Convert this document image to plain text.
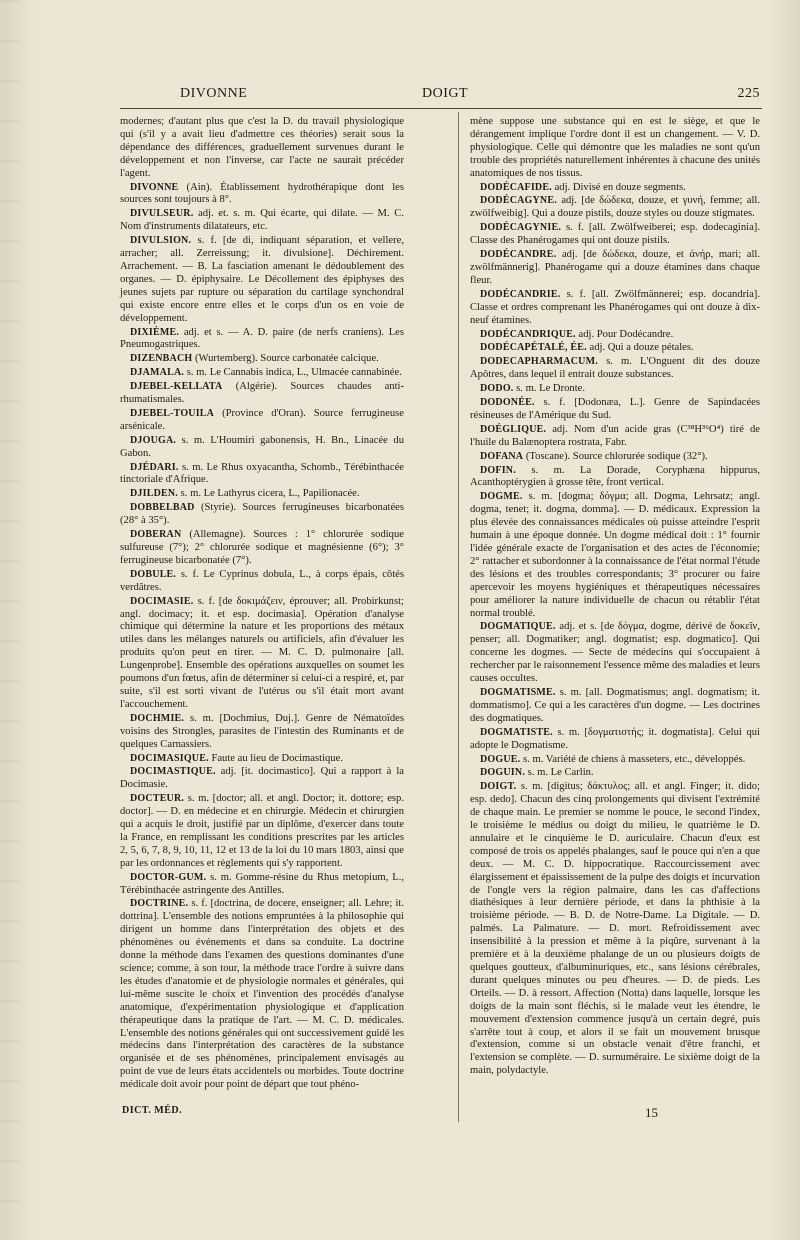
DIVONNE	DOIGT	225

modernes; d'autant plus que c'est la D. du travail physiologique qui (s'il y a avait lieu d'admettre ces théories) serait sous la dépendance des différences, graduellement survenues durant le développement et non l'inverse, car l'acte ne saurait précéder l'agent.

DIVONNE (Ain). Établissement hydrothérapique dont les sources sont toujours à 8°.

DIVULSEUR. adj. et. s. m. Qui écarte, qui dilate. — M. C. Nom d'instruments dilatateurs, etc.

DIVULSION. s. f. [de di, indiquant séparation, et vellere, arracher; all. Zerreissung; it. divulsione]. Déchirement. Arrachement. — B. La fasciation amenant le dédoublement des organes. — D. épiphysaire. Le Décollement des épiphyses des jeunes sujets par rupture ou séparation du cartilage synchondral qui existe encore entre elles et le corps d'un os en voie de développement.

DIXIÈME. adj. et s. — A. D. paire (de nerfs craniens). Les Pneumogastriques.

DIZENBACH (Wurtemberg). Source carbonatée calcique.

DJAMALA. s. m. Le Cannabis indica, L., Ulmacée cannabinée.

DJEBEL-KELLATA (Algérie). Sources chaudes anti-rhumatismales.

DJEBEL-TOUILA (Province d'Oran). Source ferrugineuse arsénicale.

DJOUGA. s. m. L'Houmiri gabonensis, H. Bn., Linacée du Gabon.

DJÉDARI. s. m. Le Rhus oxyacantha, Schomb., Térébinthacée tinctoriale d'Afrique.

DJILDEN. s. m. Le Lathyrus cicera, L., Papilionacée.

DOBBELBAD (Styrie). Sources ferrugineuses bicarbonatées (28° à 35°).

DOBERAN (Allemagne). Sources : 1° chlorurée sodique sulfureuse (7°); 2° chlorurée sodique et magnésienne (6°); 3° ferrugineuse bicarbonatée (7°).

DOBULE. s. f. Le Cyprinus dobula, L., à corps épais, côtés verdâtres.

DOCIMASIE. s. f. [de δοκιμάζειν, éprouver; all. Probirkunst; angl. docimacy; it. et esp. docimasia]. Opération d'analyse chimique qui détermine la nature et les proportions des métaux utiles dans les mélanges naturels ou artificiels, afin d'évaluer les produits qu'on peut en tirer. — M. C. D. pulmonaire [all. Lungenprobe]. Ensemble des opérations auxquelles on soumet les poumons d'un fœtus, afin de déterminer si celui-ci a respiré, et, par suite, s'il est sorti vivant de l'utérus ou s'il était mort avant l'accouchement.

DOCHMIE. s. m. [Dochmius, Duj.]. Genre de Nématoïdes voisins des Strongles, parasites de l'intestin des Ruminants et de quelques Carnassiers.

DOCIMASIQUE. Faute au lieu de Docimastique.

DOCIMASTIQUE. adj. [it. docimastico]. Qui a rapport à la Docimasie.

DOCTEUR. s. m. [doctor; all. et angl. Doctor; it. dottore; esp. doctor]. — D. en médecine et en chirurgie. Médecin et chirurgien qui a acquis le droit, justifié par un diplôme, d'exercer dans toute la France, en remplissant les conditions prescrites par les articles 2, 5, 6, 7, 8, 9, 10, 11, 12 et 13 de la loi du 10 mars 1803, ainsi que par les ordonnances et règlements qui s'y rapportent.

DOCTOR-GUM. s. m. Gomme-résine du Rhus metopium, L., Térébinthacée astringente des Antilles.

DOCTRINE. s. f. [doctrina, de docere, enseigner; all. Lehre; it. dottrina]. L'ensemble des notions empruntées à la philosophie qui dirigent un homme dans l'interprétation des objets et des phénomènes ou événements et dans sa conduite. La doctrine donne la méthode dans l'examen des questions dominantes d'une science; comme, à son tour, la méthode trace l'ordre à suivre dans les études d'anatomie et de physiologie normales et générales, qui lui-même suscite le choix et l'invention des procédés d'analyse anatomique, d'expérimentation physiologique et d'application thérapeutique dans la pratique de l'art. — M. C. D. médicales. L'ensemble des notions générales qui ont successivement guidé les médecins dans l'interprétation des caractères de la substance organisée et de ses phénomènes, principalement envisagés au point de vue de leurs états accidentels ou morbides. Toute doctrine médicale doit avoir pour point de départ que tout phéno-

mène suppose une substance qui en est le siège, et que le dérangement implique l'ordre dont il est un changement. — V. D. physiologique. Celle qui démontre que les maladies ne sont qu'un trouble des propriétés naturellement inhérentes à chacune des unités anatomiques de nos tissus.

DODÉCAFIDE. adj. Divisé en douze segments.

DODÉCAGYNE. adj. [de δώδεκα, douze, et γυνή, femme; all. zwölfweibig]. Qui a douze pistils, douze styles ou douze stigmates.

DODÉCAGYNIE. s. f. [all. Zwölfweiberei; esp. dodecaginia]. Classe des Phanérogames qui ont douze pistils.

DODÉCANDRE. adj. [de δώδεκα, douze, et ἀνήρ, mari; all. zwölfmännerig]. Phanérogame qui a douze étamines dans chaque fleur.

DODÉCANDRIE. s. f. [all. Zwölfmännerei; esp. docandria]. Classe et ordres comprenant les Phanérogames qui ont douze à dix-neuf étamines.

DODÉCANDRIQUE. adj. Pour Dodécandre.

DODÉCAPÉTALÉ, ÉE. adj. Qui a douze pétales.

DODECAPHARMACUM. s. m. L'Onguent dit des douze Apôtres, dans lequel il entrait douze substances.

DODO. s. m. Le Dronte.

DODONÉE. s. f. [Dodonæa, L.]. Genre de Sapindacées résineuses de l'Amérique du Sud.

DOÉGLIQUE. adj. Nom d'un acide gras (C³⁸H³⁶O⁴) tiré de l'huile du Balænoptera rostrata, Fabr.

DOFANA (Toscane). Source chlorurée sodique (32°).

DOFIN. s. m. La Dorade, Coryphæna hippurus, Acanthoptérygien à grosse tête, front vertical.

DOGME. s. m. [dogma; δόγμα; all. Dogma, Lehrsatz; angl. dogma, tenet; it. dogma, domma]. — D. médicaux. Expression la plus élevée des connaissances médicales où puisse atteindre l'esprit humain à une époque donnée. Un dogme médical doit : 1° fournir l'idée générale exacte de l'organisation et des actes de l'économie; 2° rattacher et subordonner à la connaissance de l'état normal l'étude des lésions et des troubles correspondants; 3° procurer ou faire apercevoir les moyens hygiéniques et thérapeutiques nécessaires pour améliorer la nature individuelle de chacun ou rétablir l'état normal troublé.

DOGMATIQUE. adj. et s. [de δόγμα, dogme, dérivé de δοκεῖν, penser; all. Dogmatiker; angl. dogmatist; esp. dogmatico]. Qui concerne les dogmes. — Secte de médecins qui s'occupaient à rechercher par le raisonnement l'essence même des maladies et leurs causes occultes.

DOGMATISME. s. m. [all. Dogmatismus; angl. dogmatism; it. dommatismo]. Ce qui a les caractères d'un dogme. — Les doctrines des dogmatiques.

DOGMATISTE. s. m. [δογματιστής; it. dogmatista]. Celui qui adopte le Dogmatisme.

DOGUE. s. m. Variété de chiens à masseters, etc., développés.

DOGUIN. s. m. Le Carlin.

DOIGT. s. m. [digitus; δάκτυλος; all. et angl. Finger; it. dido; esp. dedo]. Chacun des cinq prolongements qui divisent l'extrémité de chaque main. Le premier se nomme le pouce, le second l'index, le troisième le médius ou doigt du milieu, le quatrième le D. annulaire et le cinquième le D. auriculaire. Chacun d'eux est composé de trois os appelés phalanges, sauf le pouce qui n'en a que deux. — M. C. D. hippocratique. Raccourcissement avec élargissement et épaississement de la pulpe des doigts et incurvation de l'ongle vers la région palmaire, dans les cas d'affections diathésiques à leur dernière période, et dans la phthisie à la troisième période. — B. D. de Notre-Dame. La Digitale. — D. palmés. La Palmature. — D. mort. Refroidissement avec insensibilité à la pression et même à la piqûre, survenant à la première et à la deuxième phalange de un ou plusieurs doigts de quelques goutteux, d'albuminuriques, etc., sans lésions cérébrales, durant quelques minutes ou peu d'heures. — D. de pieds. Les Orteils. — D. à ressort. Affection (Notta) dans laquelle, lorsque les doigts de la main sont fléchis, si le malade veut les étendre, le mouvement d'extension commence jusqu'à un certain degré, puis s'arrête tout à coup, et alors il se fait un mouvement brusque d'extension, comme si un obstacle venait d'être franchi, et l'extension se complète. — D. surnuméraire. Le sixième doigt de la main, polydactyle.

DICT. MÉD.	15
